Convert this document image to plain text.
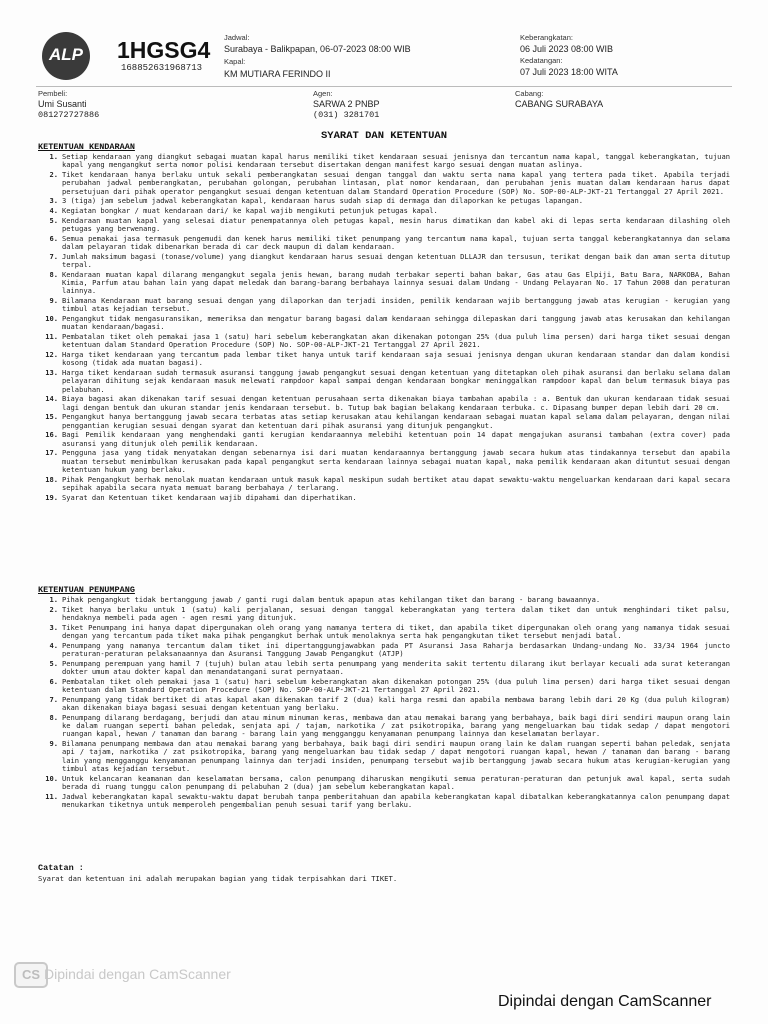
ALP	1HGSG4
168852631968713
Jadwal:
Surabaya - Balikpapan, 06-07-2023 08:00 WIB
Kapal:
KM MUTIARA FERINDO II
Keberangkatan:
06 Juli 2023 08:00 WIB
Kedatangan:
07 Juli 2023 18:00 WITA
Pembeli:
Umi Susanti
081272727886
Agen:
SARWA 2 PNBP
(031) 3281701
Cabang:
CABANG SURABAYA
SYARAT DAN KETENTUAN
KETENTUAN KENDARAAN
1. Setiap kendaraan yang diangkut sebagai muatan kapal harus memiliki tiket kendaraan sesuai jenisnya dan tercantum nama kapal, tanggal keberangkatan, tujuan kapal yang mengangkut serta nomor polisi kendaraan tersebut disertakan dengan manifest kargo sesuai dengan muatan aslinya.
2. Tiket kendaraan hanya berlaku untuk sekali pemberangkatan sesuai dengan tanggal dan waktu serta nama kapal yang tertera pada tiket. Apabila terjadi perubahan jadwal pemberangkatan, perubahan golongan, perubahan lintasan, plat nomor kendaraan, dan perubahan jenis muatan dalam kendaraan harus dapat persetujuan dari pihak operator pengangkut sesuai dengan ketentuan dalam Standard Operation Procedure (SOP) No. SOP-00-ALP-JKT-21 Tertanggal 27 April 2021.
3. 3 (tiga) jam sebelum jadwal keberangkatan kapal, kendaraan harus sudah siap di dermaga dan dilaporkan ke petugas lapangan.
4. Kegiatan bongkar / muat kendaraan dari/ ke kapal wajib mengikuti petunjuk petugas kapal.
5. Kendaraan muatan kapal yang selesai diatur penempatannya oleh petugas kapal, mesin harus dimatikan dan kabel aki di lepas serta kendaraan dilashing oleh petugas yang berwenang.
6. Semua pemakai jasa termasuk pengemudi dan kenek harus memiliki tiket penumpang yang tercantum nama kapal, tujuan serta tanggal keberangkatannya dan selama dalam pelayaran tidak dibenarkan berada di car deck maupun di dalam kendaraan.
7. Jumlah maksimum bagasi (tonase/volume) yang diangkut kendaraan harus sesuai dengan ketentuan DLLAJR dan tersusun, terikat dengan baik dan aman serta ditutup terpal.
8. Kendaraan muatan kapal dilarang mengangkut segala jenis hewan, barang mudah terbakar seperti bahan bakar, Gas atau Gas Elpiji, Batu Bara, NARKOBA, Bahan Kimia, Parfum atau bahan lain yang dapat meledak dan barang-barang berbahaya lainnya sesuai dalam Undang - Undang Pelayaran No. 17 Tahun 2008 dan peraturan lainnya.
9. Bilamana Kendaraan muat barang sesuai dengan yang dilaporkan dan terjadi insiden, pemilik kendaraan wajib bertanggung jawab atas kerugian - kerugian yang timbul atas kejadian tersebut.
10. Pengangkut tidak mengasuransikan, memeriksa dan mengatur barang bagasi dalam kendaraan sehingga dilepaskan dari tanggung jawab atas kerusakan dan kehilangan muatan kendaraan/bagasi.
11. Pembatalan tiket oleh pemakai jasa 1 (satu) hari sebelum keberangkatan akan dikenakan potongan 25% (dua puluh lima persen) dari harga tiket sesuai dengan ketentuan dalam Standard Operation Procedure (SOP) No. SOP-00-ALP-JKT-21 Tertanggal 27 April 2021.
12. Harga tiket kendaraan yang tercantum pada lembar tiket hanya untuk tarif kendaraan saja sesuai jenisnya dengan ukuran kendaraan standar dan dalam kondisi kosong (tidak ada muatan bagasi).
13. Harga tiket kendaraan sudah termasuk asuransi tanggung jawab pengangkut sesuai dengan ketentuan yang ditetapkan oleh pihak asuransi dan berlaku selama dalam pelayaran dihitung sejak kendaraan masuk melewati rampdoor kapal sampai dengan kendaraan bongkar meninggalkan rampdoor kapal dan belum termasuk biaya pas pelabuhan.
14. Biaya bagasi akan dikenakan tarif sesuai dengan ketentuan perusahaan serta dikenakan biaya tambahan apabila : a. Bentuk dan ukuran kendaraan tidak sesuai lagi dengan bentuk dan ukuran standar jenis kendaraan tersebut. b. Tutup bak bagian belakang kendaraan terbuka. c. Dipasang bumper depan lebih dari 20 cm.
15. Pengangkut hanya bertanggung jawab secara terbatas atas setiap kerusakan atau kehilangan kendaraan sebagai muatan kapal selama dalam pelayaran, dengan nilai penggantian kerugian sesuai dengan syarat dan ketentuan dari pihak asuransi yang ditunjuk pengangkut.
16. Bagi Pemilik kendaraan yang menghendaki ganti kerugian kendaraannya melebihi ketentuan poin 14 dapat mengajukan asuransi tambahan (extra cover) pada asuransi yang ditunjuk oleh pemilik kendaraan.
17. Pengguna jasa yang tidak menyatakan dengan sebenarnya isi dari muatan kendaraannya bertanggung jawab secara hukum atas tindakannya tersebut dan apabila muatan tersebut menimbulkan kerusakan pada kapal pengangkut serta kendaraan lainnya sebagai muatan kapal, maka pemilik kendaraan akan dituntut sesuai dengan ketentuan hukum yang berlaku.
18. Pihak Pengangkut berhak menolak muatan kendaraan untuk masuk kapal meskipun sudah bertiket atau dapat sewaktu-waktu mengeluarkan kendaraan dari kapal secara sepihak apabila secara nyata memuat barang berbahaya / terlarang.
19. Syarat dan Ketentuan tiket kendaraan wajib dipahami dan diperhatikan.
KETENTUAN PENUMPANG
1. Pihak pengangkut tidak bertanggung jawab / ganti rugi dalam bentuk apapun atas kehilangan tiket dan barang - barang bawaannya.
2. Tiket hanya berlaku untuk 1 (satu) kali perjalanan, sesuai dengan tanggal keberangkatan yang tertera dalam tiket dan untuk menghindari tiket palsu, hendaknya membeli pada agen - agen resmi yang ditunjuk.
3. Tiket Penumpang ini hanya dapat dipergunakan oleh orang yang namanya tertera di tiket, dan apabila tiket dipergunakan oleh orang yang namanya tidak sesuai dengan yang tercantum pada tiket maka pihak pengangkut berhak untuk menolaknya serta hak pengangkutan tiket tersebut menjadi batal.
4. Penumpang yang namanya tercantum dalam tiket ini dipertanggungjawabkan pada PT Asuransi Jasa Raharja berdasarkan Undang-undang No. 33/34 1964 juncto peraturan-peraturan pelaksanaannya dan Asuransi Tanggung Jawab Pengangkut (ATJP)
5. Penumpang perempuan yang hamil 7 (tujuh) bulan atau lebih serta penumpang yang menderita sakit tertentu dilarang ikut berlayar kecuali ada surat keterangan dokter umum atau dokter kapal dan menandatangani surat pernyataan.
6. Pembatalan tiket oleh pemakai jasa 1 (satu) hari sebelum keberangkatan akan dikenakan potongan 25% (dua puluh lima persen) dari harga tiket sesuai dengan ketentuan dalam Standard Operation Procedure (SOP) No. SOP-00-ALP-JKT-21 Tertanggal 27 April 2021.
7. Penumpang yang tidak bertiket di atas kapal akan dikenakan tarif 2 (dua) kali harga resmi dan apabila membawa barang lebih dari 20 Kg (dua puluh kilogram) akan dikenakan biaya bagasi sesuai dengan ketentuan yang berlaku.
8. Penumpang dilarang berdagang, berjudi dan atau minum minuman keras, membawa dan atau memakai barang yang berbahaya, baik bagi diri sendiri maupun orang lain ke dalam ruangan seperti bahan peledak, senjata api / tajam, narkotika / zat psikotropika, barang yang mengeluarkan bau tidak sedap / dapat mengotori ruangan kapal, hewan / tanaman dan barang - barang lain yang mengganggu kenyamanan penumpang lainnya dan keselamatan berlayar.
9. Bilamana penumpang membawa dan atau memakai barang yang berbahaya, baik bagi diri sendiri maupun orang lain ke dalam ruangan seperti bahan peledak, senjata api / tajam, narkotika / zat psikotropika, barang yang mengeluarkan bau tidak sedap / dapat mengotori ruangan kapal, hewan / tanaman dan barang - barang lain yang mengganggu kenyamanan penumpang lainnya dan terjadi insiden, penumpang tersebut wajib bertanggung jawab secara hukum atas kerugian-kerugian yang timbul atas kejadian tersebut.
10. Untuk kelancaran keamanan dan keselamatan bersama, calon penumpang diharuskan mengikuti semua peraturan-peraturan dan petunjuk awal kapal, serta sudah berada di ruang tunggu calon penumpang di pelabuhan 2 (dua) jam sebelum keberangkatan kapal.
11. Jadwal keberangkatan kapal sewaktu-waktu dapat berubah tanpa pemberitahuan dan apabila keberangkatan kapal dibatalkan keberangkatannya calon penumpang dapat menukarkan tiketnya untuk memperoleh pengembalian penuh sesuai tarif yang berlaku.
Catatan :
Syarat dan ketentuan ini adalah merupakan bagian yang tidak terpisahkan dari TIKET.
CS Dipindai dengan CamScanner
Dipindai dengan CamScanner
